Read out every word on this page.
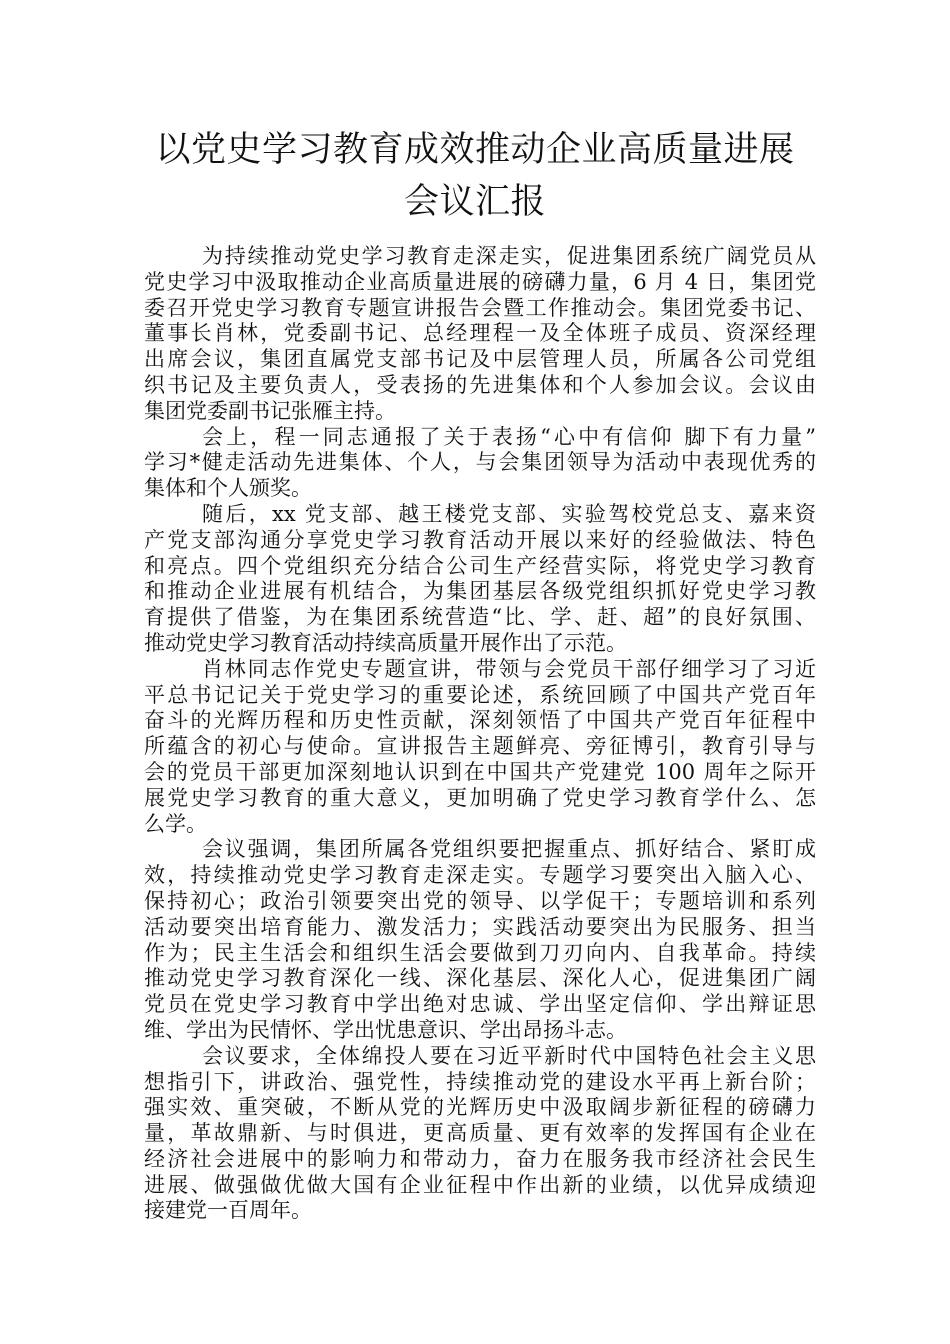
以党史学习教育成效推动企业高质量进展
会议汇报
为持续推动党史学习教育走深走实，促进集团系统广阔党员从
党史学习中汲取推动企业高质量进展的磅礴力量，6 月 4 日，集团党
委召开党史学习教育专题宣讲报告会暨工作推动会。集团党委书记、
董事长肖林，党委副书记、总经理程一及全体班子成员、资深经理
出席会议，集团直属党支部书记及中层管理人员，所属各公司党组
织书记及主要负责人，受表扬的先进集体和个人参加会议。会议由
集团党委副书记张雁主持。
会上，程一同志通报了关于表扬“心中有信仰 脚下有力量”
学习*健走活动先进集体、个人，与会集团领导为活动中表现优秀的
集体和个人颁奖。
随后，xx 党支部、越王楼党支部、实验驾校党总支、嘉来资
产党支部沟通分享党史学习教育活动开展以来好的经验做法、特色
和亮点。四个党组织充分结合公司生产经营实际，将党史学习教育
和推动企业进展有机结合，为集团基层各级党组织抓好党史学习教
育提供了借鉴，为在集团系统营造“比、学、赶、超”的良好氛围、
推动党史学习教育活动持续高质量开展作出了示范。
肖林同志作党史专题宣讲，带领与会党员干部仔细学习了习近
平总书记记关于党史学习的重要论述，系统回顾了中国共产党百年
奋斗的光辉历程和历史性贡献，深刻领悟了中国共产党百年征程中
所蕴含的初心与使命。宣讲报告主题鲜亮、旁征博引，教育引导与
会的党员干部更加深刻地认识到在中国共产党建党 100 周年之际开
展党史学习教育的重大意义，更加明确了党史学习教育学什么、怎
么学。
会议强调，集团所属各党组织要把握重点、抓好结合、紧盯成
效，持续推动党史学习教育走深走实。专题学习要突出入脑入心、
保持初心；政治引领要突出党的领导、以学促干；专题培训和系列
活动要突出培育能力、激发活力；实践活动要突出为民服务、担当
作为；民主生活会和组织生活会要做到刀刃向内、自我革命。持续
推动党史学习教育深化一线、深化基层、深化人心，促进集团广阔
党员在党史学习教育中学出绝对忠诚、学出坚定信仰、学出辩证思
维、学出为民情怀、学出忧患意识、学出昂扬斗志。
会议要求，全体绵投人要在习近平新时代中国特色社会主义思
想指引下，讲政治、强党性，持续推动党的建设水平再上新台阶；
强实效、重突破，不断从党的光辉历史中汲取阔步新征程的磅礴力
量，革故鼎新、与时俱进，更高质量、更有效率的发挥国有企业在
经济社会进展中的影响力和带动力，奋力在服务我市经济社会民生
进展、做强做优做大国有企业征程中作出新的业绩，以优异成绩迎
接建党一百周年。
